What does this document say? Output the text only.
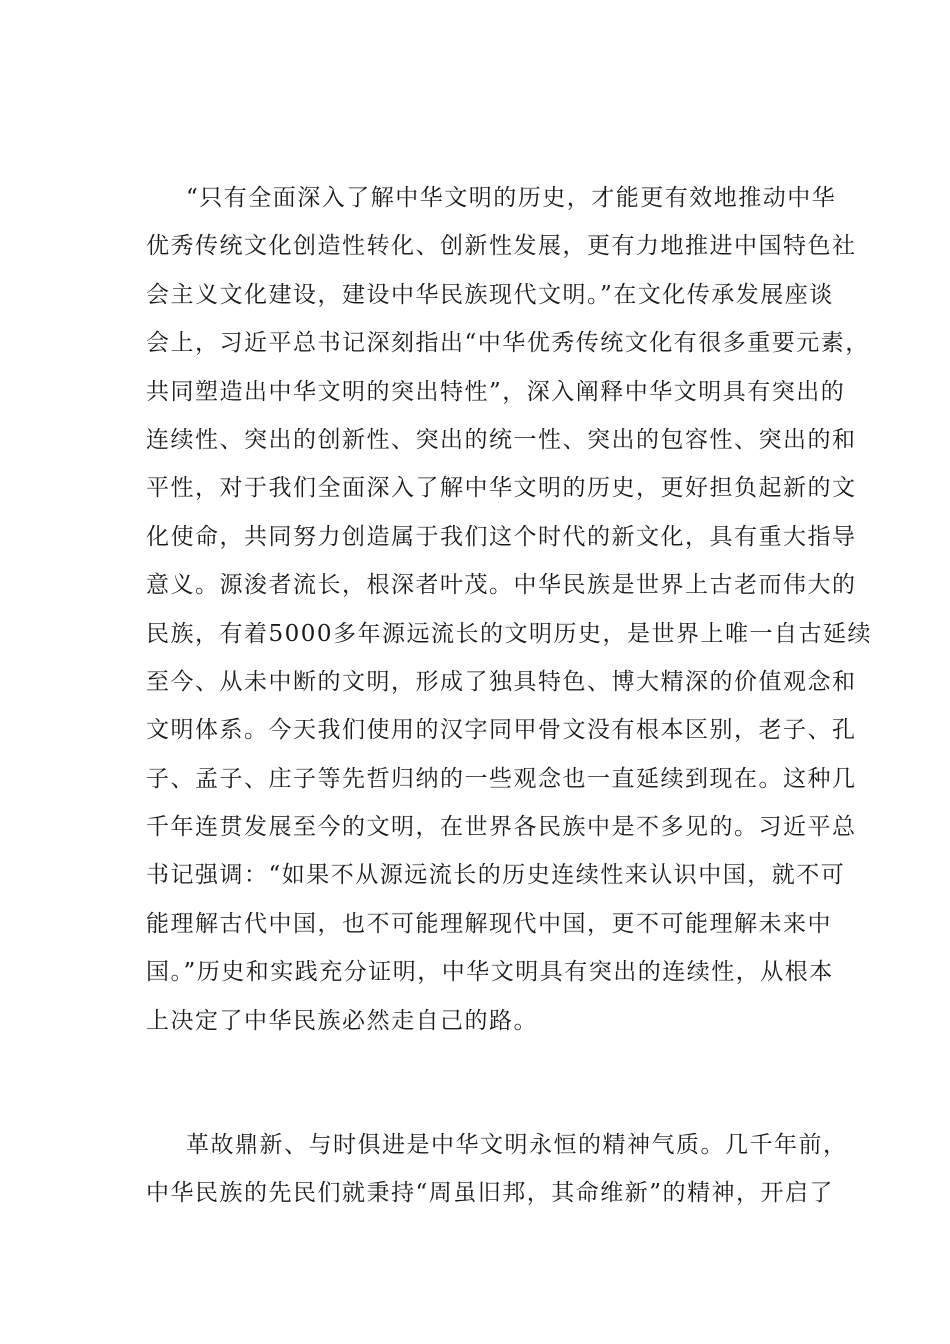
“只有全面深入了解中华文明的历史，才能更有效地推动中华
优秀传统文化创造性转化、创新性发展，更有力地推进中国特色社
会主义文化建设，建设中华民族现代文明。”在文化传承发展座谈
会上，习近平总书记深刻指出“中华优秀传统文化有很多重要元素，
共同塑造出中华文明的突出特性”，深入阐释中华文明具有突出的
连续性、突出的创新性、突出的统一性、突出的包容性、突出的和
平性，对于我们全面深入了解中华文明的历史，更好担负起新的文
化使命，共同努力创造属于我们这个时代的新文化，具有重大指导
意义。源浚者流长，根深者叶茂。中华民族是世界上古老而伟大的
民族，有着5000多年源远流长的文明历史，是世界上唯一自古延续
至今、从未中断的文明，形成了独具特色、博大精深的价值观念和
文明体系。今天我们使用的汉字同甲骨文没有根本区别，老子、孔
子、孟子、庄子等先哲归纳的一些观念也一直延续到现在。这种几
千年连贯发展至今的文明，在世界各民族中是不多见的。习近平总
书记强调：“如果不从源远流长的历史连续性来认识中国，就不可
能理解古代中国，也不可能理解现代中国，更不可能理解未来中
国。”历史和实践充分证明，中华文明具有突出的连续性，从根本
上决定了中华民族必然走自己的路。
革故鼎新、与时俱进是中华文明永恒的精神气质。几千年前，
中华民族的先民们就秉持“周虽旧邦，其命维新”的精神，开启了
